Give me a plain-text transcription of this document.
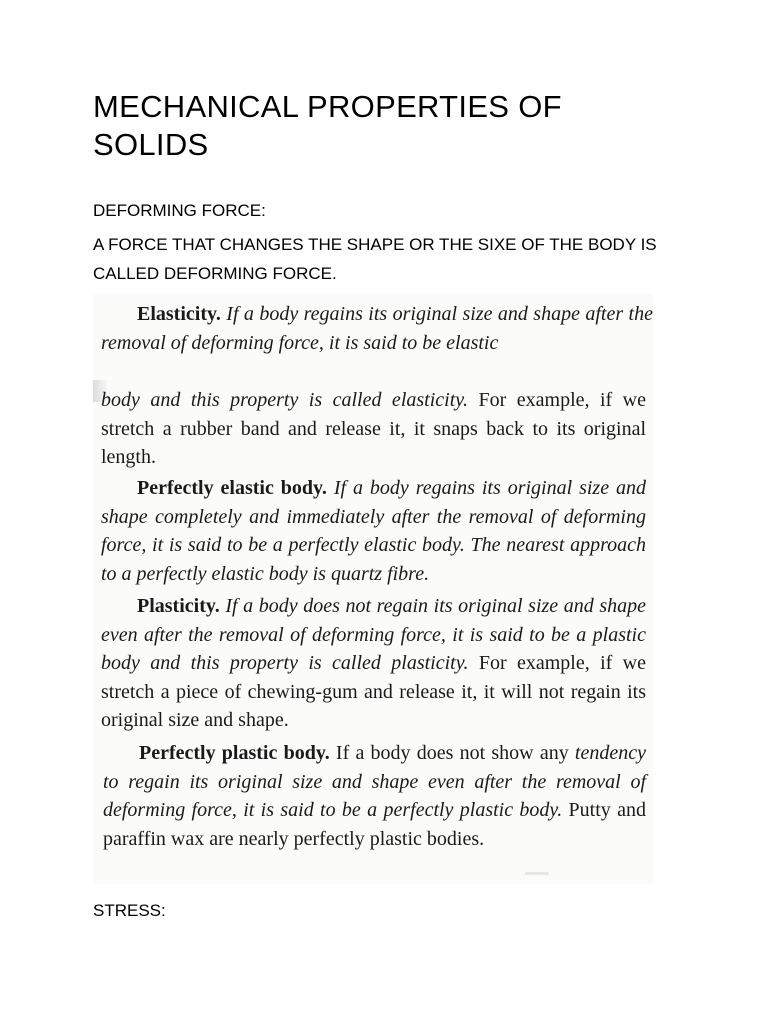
MECHANICAL PROPERTIES OF SOLIDS

DEFORMING FORCE:

A FORCE THAT CHANGES THE SHAPE OR THE SIXE OF THE BODY IS CALLED DEFORMING FORCE.

Elasticity. If a body regains its original size and shape after the removal of deforming force, it is said to be elastic

body and this property is called elasticity. For example, if we stretch a rubber band and release it, it snaps back to its original length.

Perfectly elastic body. If a body regains its original size and shape completely and immediately after the removal of deforming force, it is said to be a perfectly elastic body. The nearest approach to a perfectly elastic body is quartz fibre.

Plasticity. If a body does not regain its original size and shape even after the removal of deforming force, it is said to be a plastic body and this property is called plasticity. For example, if we stretch a piece of chewing-gum and release it, it will not regain its original size and shape.

Perfectly plastic body. If a body does not show any tendency to regain its original size and shape even after the removal of deforming force, it is said to be a perfectly plastic body. Putty and paraffin wax are nearly perfectly plastic bodies.

STRESS:
